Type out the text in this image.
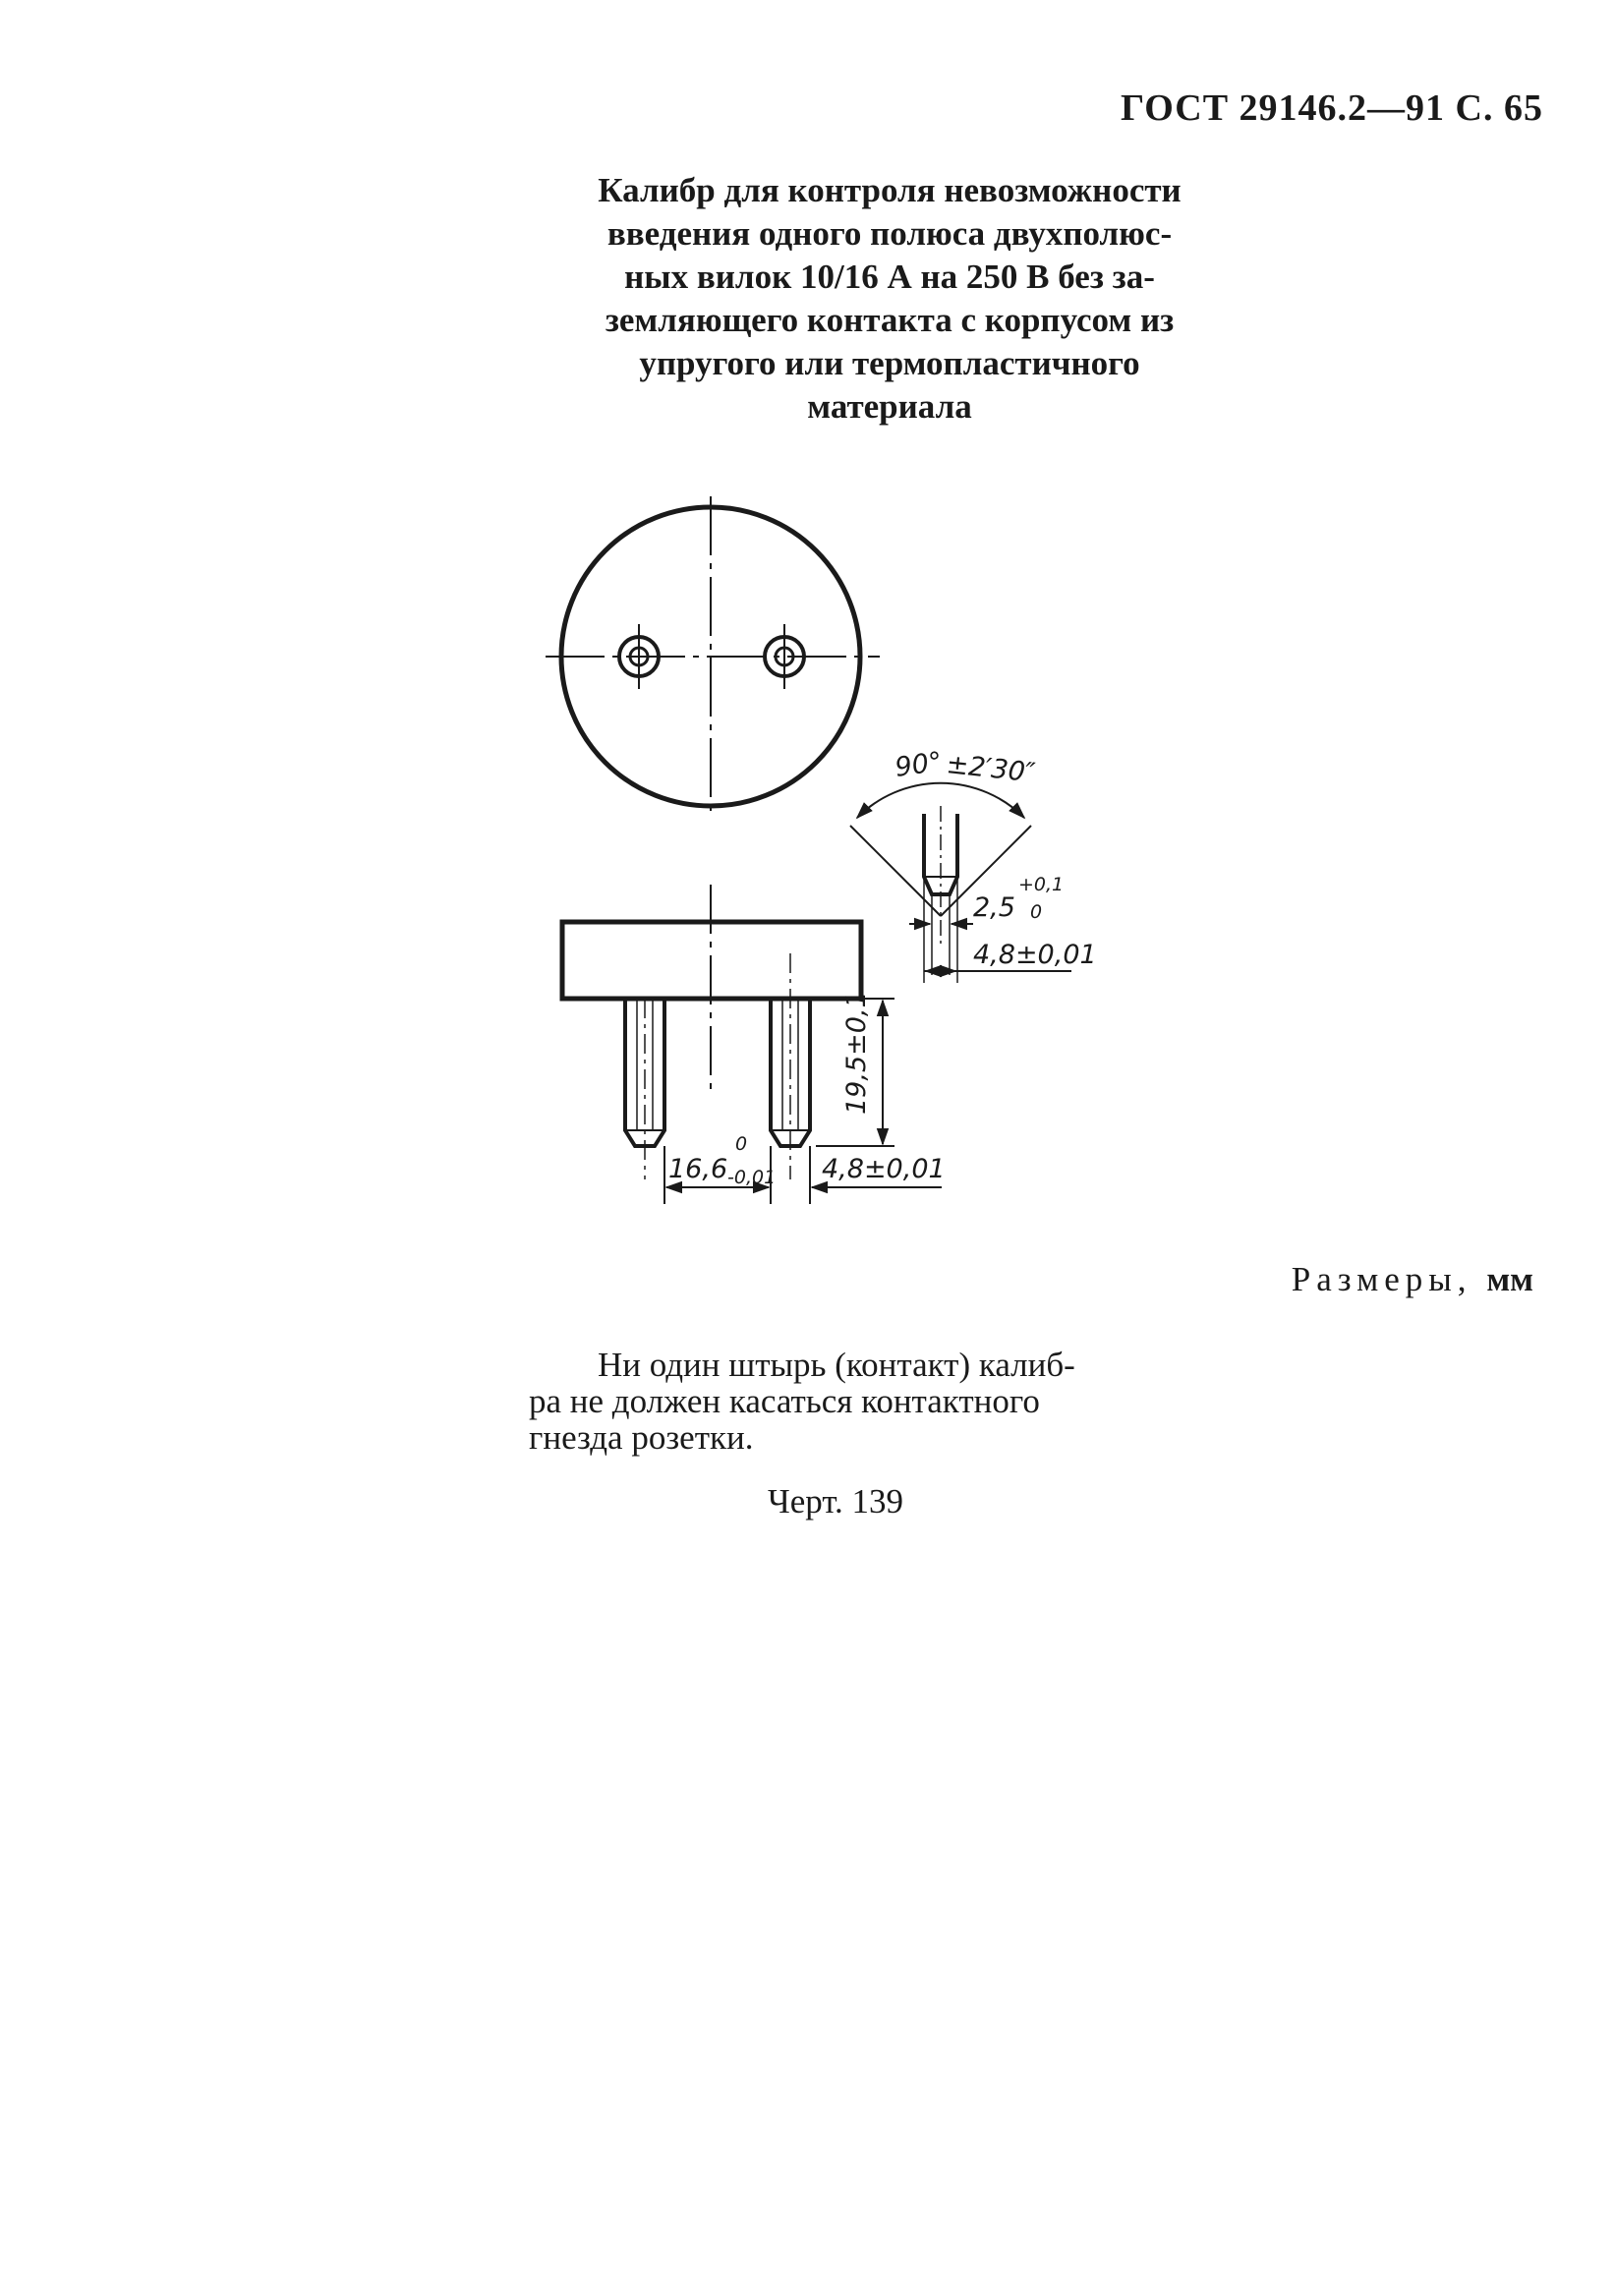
ГОСТ 29146.2—91 С. 65
Калибр для контроля невозможности
введения одного полюса двухполюс-
ных вилок 10/16 А на 250 В без за-
земляющего контакта с корпусом из
упругого или термопластичного
материала
90° ±2′30″
2,5
+0,1
0
4,8±0,01
19,5±0,1
16,6
0
-0,01 4,8±0,01
Размеры, мм
Ни один штырь (контакт) калиб-
ра не должен касаться контактного
гнезда розетки.
Черт. 139
